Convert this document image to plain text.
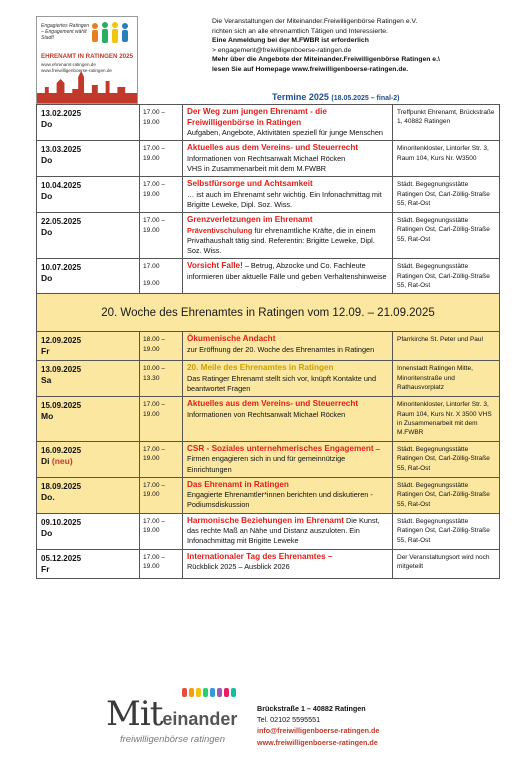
Engagiertes Ratingen – Engagement wählt Stadt!
EHRENAMT IN RATINGEN 2025
www.ehrenamt-ratingen.de
www.freiwilligenboerse-ratingen.de
Die Veranstaltungen der Miteinander.Freiwilligenbörse Ratingen e.V.
richten sich an alle ehrenamtlich Tätigen und Interessierte.
Eine Anmeldung bei der M.FWBR ist erforderlich
> engagement@freiwilligenboerse-ratingen.de
Mehr über die Angebote der Miteinander.Freiwilligenbörse Ratingen e.\
lesen Sie auf Homepage www.freiwilligenboerse-ratingen.de.
Termine 2025 (18.05.2025 – final-2)
13.02.2025
Do
17.00 –
19.00
Der Weg zum jungen Ehrenamt - die Freiwilligenbörse in Ratingen
Aufgaben, Angebote, Aktivitäten speziell für junge Menschen
Treffpunkt Ehrenamt, Brückstraße 1, 40882 Ratingen
13.03.2025
Do
17.00 –
19.00
Aktuelles aus dem Vereins- und Steuerrecht
Informationen von Rechtsanwalt Michael Röcken
VHS in Zusammenarbeit mit dem M.FWBR
Minoritenkloster, Lintorfer Str. 3, Raum 104, Kurs Nr. W3500
10.04.2025
Do
17.00 –
19.00
Selbstfürsorge und Achtsamkeit
… ist auch im Ehrenamt sehr wichtig. Ein Infonachmittag mit
Brigitte Leweke, Dipl. Soz. Wiss.
Städt. Begegnungsstätte Ratingen Ost, Carl-Zöllig-Straße 55, Rat-Ost
22.05.2025
Do
17.00 –
19.00
Grenzverletzungen im Ehrenamt
Präventivschulung für ehrenamtliche Kräfte, die in einem Privathaushalt tätig sind. Referentin: Brigitte Leweke, Dipl. Soz. Wiss.
Städt. Begegnungsstätte Ratingen Ost, Carl-Zöllig-Straße 55, Rat-Ost
10.07.2025
Do
17.00
19.00
Vorsicht Falle! – Betrug, Abzocke und Co. Fachleute informieren über aktuelle Fälle und geben Verhaltenshinweise
Städt. Begegnungsstätte Ratingen Ost, Carl-Zöllig-Straße 55, Rat-Ost
20. Woche des Ehrenamtes in Ratingen vom 12.09. – 21.09.2025
12.09.2025
Fr
18.00 –
19.00
Ökumenische Andacht
zur Eröffnung der 20. Woche des Ehrenamtes in Ratingen
Pfarrkirche St. Peter und Paul
13.09.2025
Sa
10.00 –
13.30
20. Meile des Ehrenamtes in Ratingen
Das Ratinger Ehrenamt stellt sich vor, knüpft Kontakte und beantwortet Fragen
Innenstadt Ratingen Mitte, Minoritenstraße und Rathausvorplatz
15.09.2025
Mo
17.00 –
19.00
Aktuelles aus dem Vereins- und Steuerrecht
Informationen von Rechtsanwalt Michael Röcken
Minoritenkloster, Lintorfer Str. 3, Raum 104, Kurs Nr. X 3500 VHS in Zusammenarbeit mit dem M.FWBR
16.09.2025
Di (neu)
17.00 –
19.00
CSR - Soziales unternehmerisches Engagement – Firmen engagieren sich in und für gemeinnützige Einrichtungen
Städt. Begegnungsstätte Ratingen Ost, Carl-Zöllig-Straße 55, Rat-Ost
18.09.2025
Do.
17.00 –
19.00
Das Ehrenamt in Ratingen
Engagierte Ehrenamtler*innen berichten und diskutieren - Podiumsdiskussion
Städt. Begegnungsstätte Ratingen Ost, Carl-Zöllig-Straße 55, Rat-Ost
09.10.2025
Do
17.00 –
19.00
Harmonische Beziehungen im Ehrenamt Die Kunst, das rechte Maß an Nähe und Distanz auszuloten. Ein Infonachmittag mit Brigitte Leweke
Städt. Begegnungsstätte Ratingen Ost, Carl-Zöllig-Straße 55, Rat-Ost
05.12.2025
Fr
17.00 –
19.00
Internationaler Tag des Ehrenamtes –
Rückblick 2025 – Ausblick 2026
Der Veranstaltungsort wird noch mitgeteilt
Miteinander
freiwilligenbörse ratingen
Brückstraße 1 – 40882 Ratingen
Tel. 02102 5595551
info@freiwilligenboerse-ratingen.de
www.freiwilligenboerse-ratingen.de
